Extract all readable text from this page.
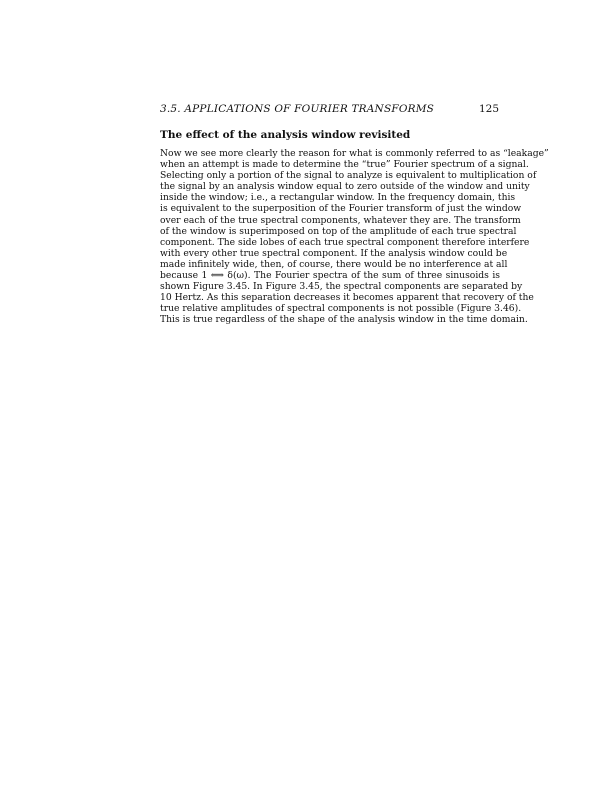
3.5. APPLICATIONS OF FOURIER TRANSFORMS	125
The effect of the analysis window revisited
Now we see more clearly the reason for what is commonly referred to as “leakage”
when an attempt is made to determine the “true” Fourier spectrum of a signal.
Selecting only a portion of the signal to analyze is equivalent to multiplication of
the signal by an analysis window equal to zero outside of the window and unity
inside the window; i.e., a rectangular window. In the frequency domain, this
is equivalent to the superposition of the Fourier transform of just the window
over each of the true spectral components, whatever they are. The transform
of the window is superimposed on top of the amplitude of each true spectral
component. The side lobes of each true spectral component therefore interfere
with every other true spectral component. If the analysis window could be
made infinitely wide, then, of course, there would be no interference at all
because 1 ⟺ δ(ω). The Fourier spectra of the sum of three sinusoids is
shown Figure 3.45. In Figure 3.45, the spectral components are separated by
10 Hertz. As this separation decreases it becomes apparent that recovery of the
true relative amplitudes of spectral components is not possible (Figure 3.46).
This is true regardless of the shape of the analysis window in the time domain.
